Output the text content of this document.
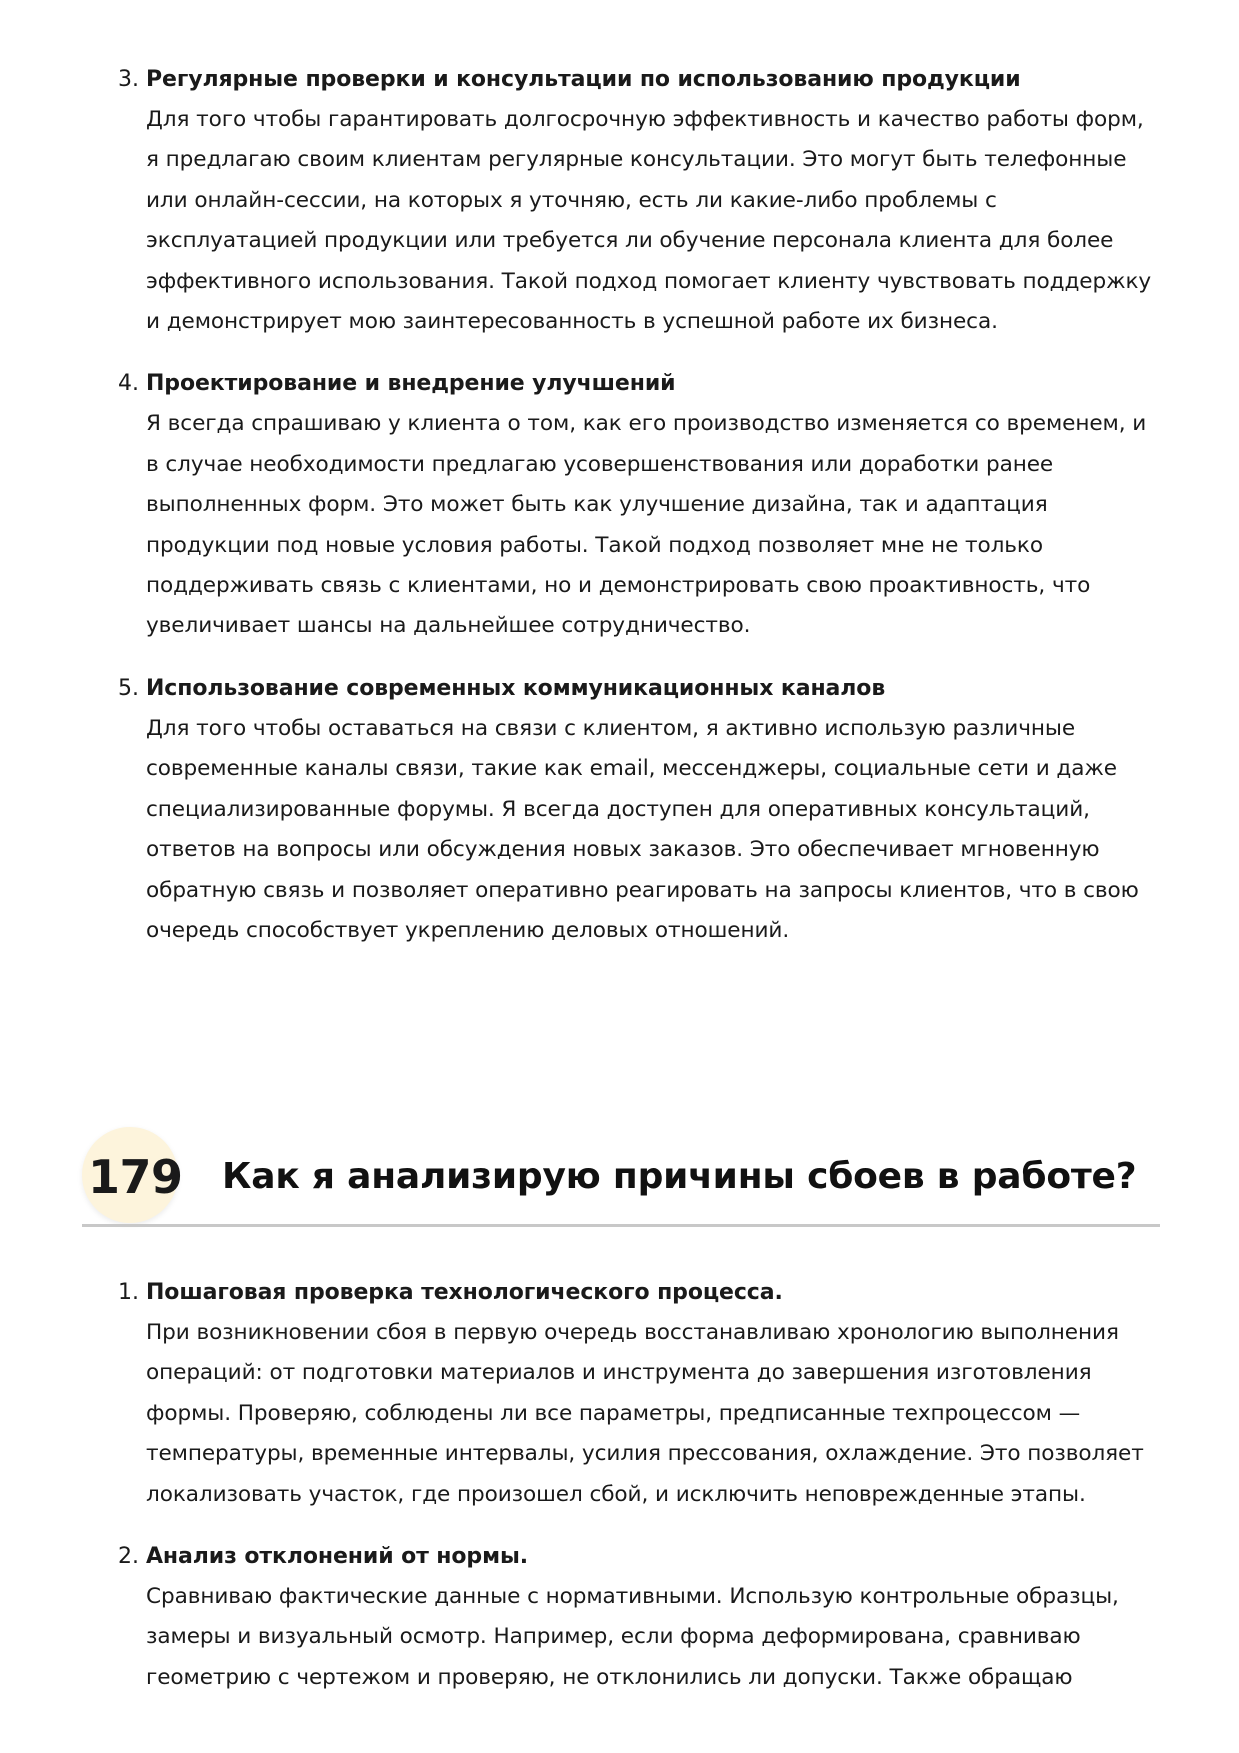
3. Регулярные проверки и консультации по использованию продукции
Для того чтобы гарантировать долгосрочную эффективность и качество работы форм, я предлагаю своим клиентам регулярные консультации. Это могут быть телефонные или онлайн-сессии, на которых я уточняю, есть ли какие-либо проблемы с эксплуатацией продукции или требуется ли обучение персонала клиента для более эффективного использования. Такой подход помогает клиенту чувствовать поддержку и демонстрирует мою заинтересованность в успешной работе их бизнеса.
4. Проектирование и внедрение улучшений
Я всегда спрашиваю у клиента о том, как его производство изменяется со временем, и в случае необходимости предлагаю усовершенствования или доработки ранее выполненных форм. Это может быть как улучшение дизайна, так и адаптация продукции под новые условия работы. Такой подход позволяет мне не только поддерживать связь с клиентами, но и демонстрировать свою проактивность, что увеличивает шансы на дальнейшее сотрудничество.
5. Использование современных коммуникационных каналов
Для того чтобы оставаться на связи с клиентом, я активно использую различные современные каналы связи, такие как email, мессенджеры, социальные сети и даже специализированные форумы. Я всегда доступен для оперативных консультаций, ответов на вопросы или обсуждения новых заказов. Это обеспечивает мгновенную обратную связь и позволяет оперативно реагировать на запросы клиентов, что в свою очередь способствует укреплению деловых отношений.
179 Как я анализирую причины сбоев в работе?
1. Пошаговая проверка технологического процесса.
При возникновении сбоя в первую очередь восстанавливаю хронологию выполнения операций: от подготовки материалов и инструмента до завершения изготовления формы. Проверяю, соблюдены ли все параметры, предписанные техпроцессом — температуры, временные интервалы, усилия прессования, охлаждение. Это позволяет локализовать участок, где произошел сбой, и исключить неповрежденные этапы.
2. Анализ отклонений от нормы.
Сравниваю фактические данные с нормативными. Использую контрольные образцы, замеры и визуальный осмотр. Например, если форма деформирована, сравниваю геометрию с чертежом и проверяю, не отклонились ли допуски. Также обращаю
